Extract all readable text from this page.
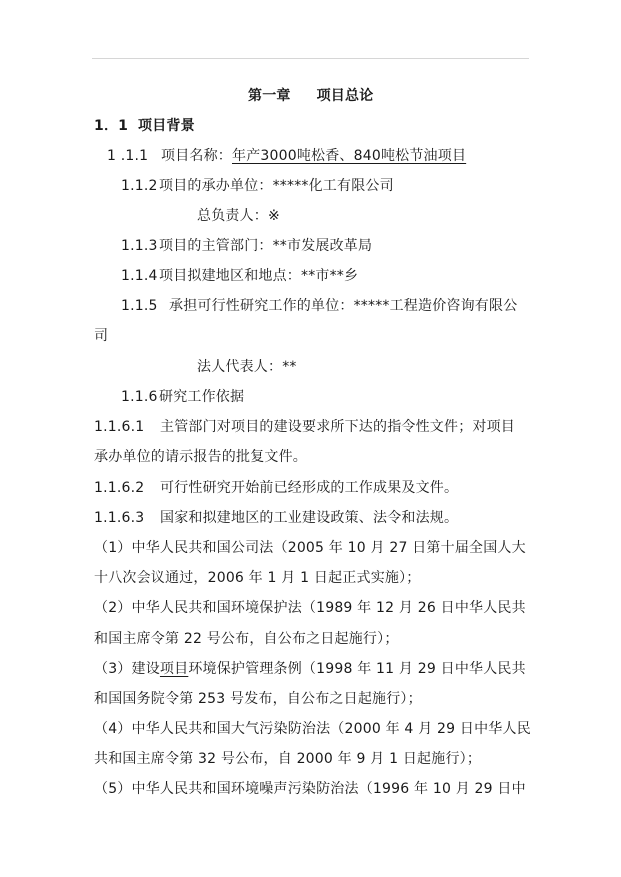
第一章 项目总论
1．1 项目背景
1 .1.1 项目名称：年产3000吨松香、840吨松节油项目
1.1.2项目的承办单位：*****化工有限公司
总负责人：※
1.1.3项目的主管部门：**市发展改革局
1.1.4项目拟建地区和地点：**市**乡
1.1.5 承担可行性研究工作的单位：*****工程造价咨询有限公
司
法人代表人：**
1.1.6研究工作依据
1.1.6.1 主管部门对项目的建设要求所下达的指令性文件；对项目
承办单位的请示报告的批复文件。
1.1.6.2 可行性研究开始前已经形成的工作成果及文件。
1.1.6.3 国家和拟建地区的工业建设政策、法令和法规。
（1）中华人民共和国公司法（2005 年 10 月 27 日第十届全国人大
十八次会议通过，2006 年 1 月 1 日起正式实施）；
（2）中华人民共和国环境保护法（1989 年 12 月 26 日中华人民共
和国主席令第 22 号公布，自公布之日起施行）；
（3）建设项目环境保护管理条例（1998 年 11 月 29 日中华人民共
和国国务院令第 253 号发布，自公布之日起施行）；
（4）中华人民共和国大气污染防治法（2000 年 4 月 29 日中华人民
共和国主席令第 32 号公布，自 2000 年 9 月 1 日起施行）；
（5）中华人民共和国环境噪声污染防治法（1996 年 10 月 29 日中
